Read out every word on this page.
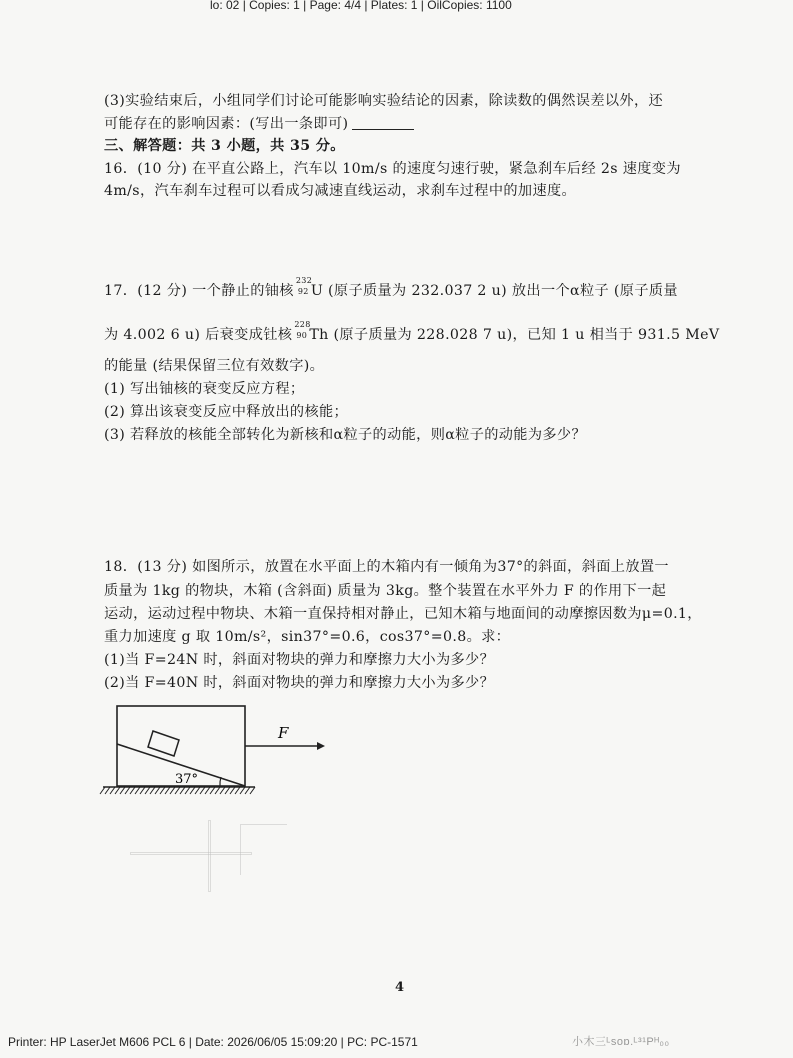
lo: 02 | Copies: 1 | Page: 4/4 | Plates: 1 | OilCopies: 1100
(3)实验结束后，小组同学们讨论可能影响实验结论的因素，除读数的偶然误差以外，还
可能存在的影响因素：(写出一条即可)
三、解答题：共 3 小题，共 35 分。
16．(10 分) 在平直公路上，汽车以 10m/s 的速度匀速行驶，紧急刹车后经 2s 速度变为
4m/s，汽车刹车过程可以看成匀减速直线运动，求刹车过程中的加速度。
17．(12 分) 一个静止的铀核
232
92 U (原子质量为 232.037 2 u) 放出一个α粒子 (原子质量
为 4.002 6 u) 后衰变成钍核
228
90 Th (原子质量为 228.028 7 u)，已知 1 u 相当于 931.5 MeV
的能量 (结果保留三位有效数字)。
(1) 写出铀核的衰变反应方程；
(2) 算出该衰变反应中释放出的核能；
(3) 若释放的核能全部转化为新核和α粒子的动能，则α粒子的动能为多少？
18．(13 分) 如图所示，放置在水平面上的木箱内有一倾角为37°的斜面，斜面上放置一
质量为 1kg 的物块，木箱 (含斜面) 质量为 3kg。整个装置在水平外力 F 的作用下一起
运动，运动过程中物块、木箱一直保持相对静止，已知木箱与地面间的动摩擦因数为μ=0.1，
重力加速度 g 取 10m/s²，sin37°=0.6，cos37°=0.8。求：
(1)当 F=24N 时，斜面对物块的弹力和摩擦力大小为多少？
(2)当 F=40N 时，斜面对物块的弹力和摩擦力大小为多少？
F
37°
4
Printer: HP LaserJet M606 PCL 6 | Date: 2026/06/05 15:09:20 | PC: PC-1571	小木三ᴸsoɒ.ᴸ³¹Pᴴ₀₀
